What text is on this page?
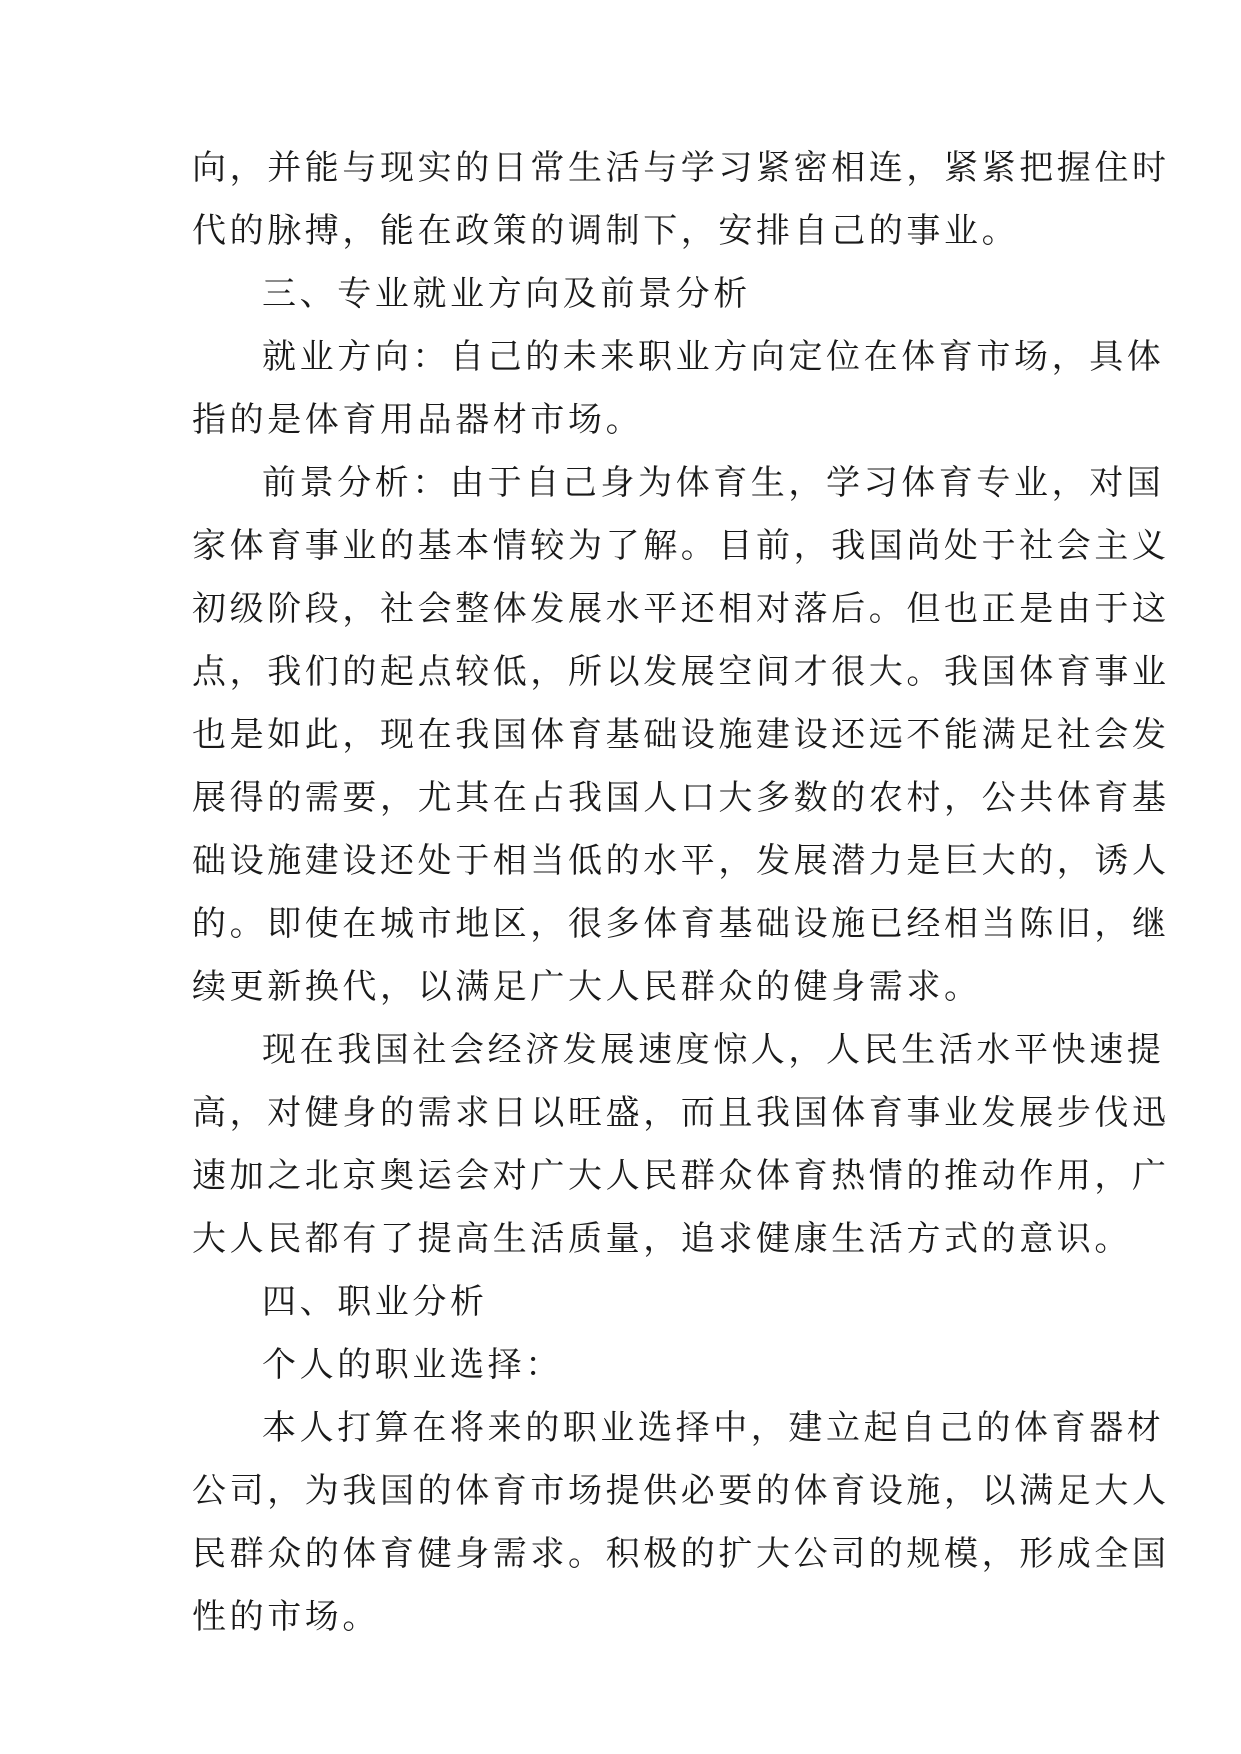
向，并能与现实的日常生活与学习紧密相连，紧紧把握住时
代的脉搏，能在政策的调制下，安排自己的事业。
三、专业就业方向及前景分析
就业方向：自己的未来职业方向定位在体育市场，具体
指的是体育用品器材市场。
前景分析：由于自己身为体育生，学习体育专业，对国
家体育事业的基本情较为了解。目前，我国尚处于社会主义
初级阶段，社会整体发展水平还相对落后。但也正是由于这
点，我们的起点较低，所以发展空间才很大。我国体育事业
也是如此，现在我国体育基础设施建设还远不能满足社会发
展得的需要，尤其在占我国人口大多数的农村，公共体育基
础设施建设还处于相当低的水平，发展潜力是巨大的，诱人
的。即使在城市地区，很多体育基础设施已经相当陈旧，继
续更新换代，以满足广大人民群众的健身需求。
现在我国社会经济发展速度惊人，人民生活水平快速提
高，对健身的需求日以旺盛，而且我国体育事业发展步伐迅
速加之北京奥运会对广大人民群众体育热情的推动作用，广
大人民都有了提高生活质量，追求健康生活方式的意识。
四、职业分析
个人的职业选择：
本人打算在将来的职业选择中，建立起自己的体育器材
公司，为我国的体育市场提供必要的体育设施，以满足大人
民群众的体育健身需求。积极的扩大公司的规模，形成全国
性的市场。
